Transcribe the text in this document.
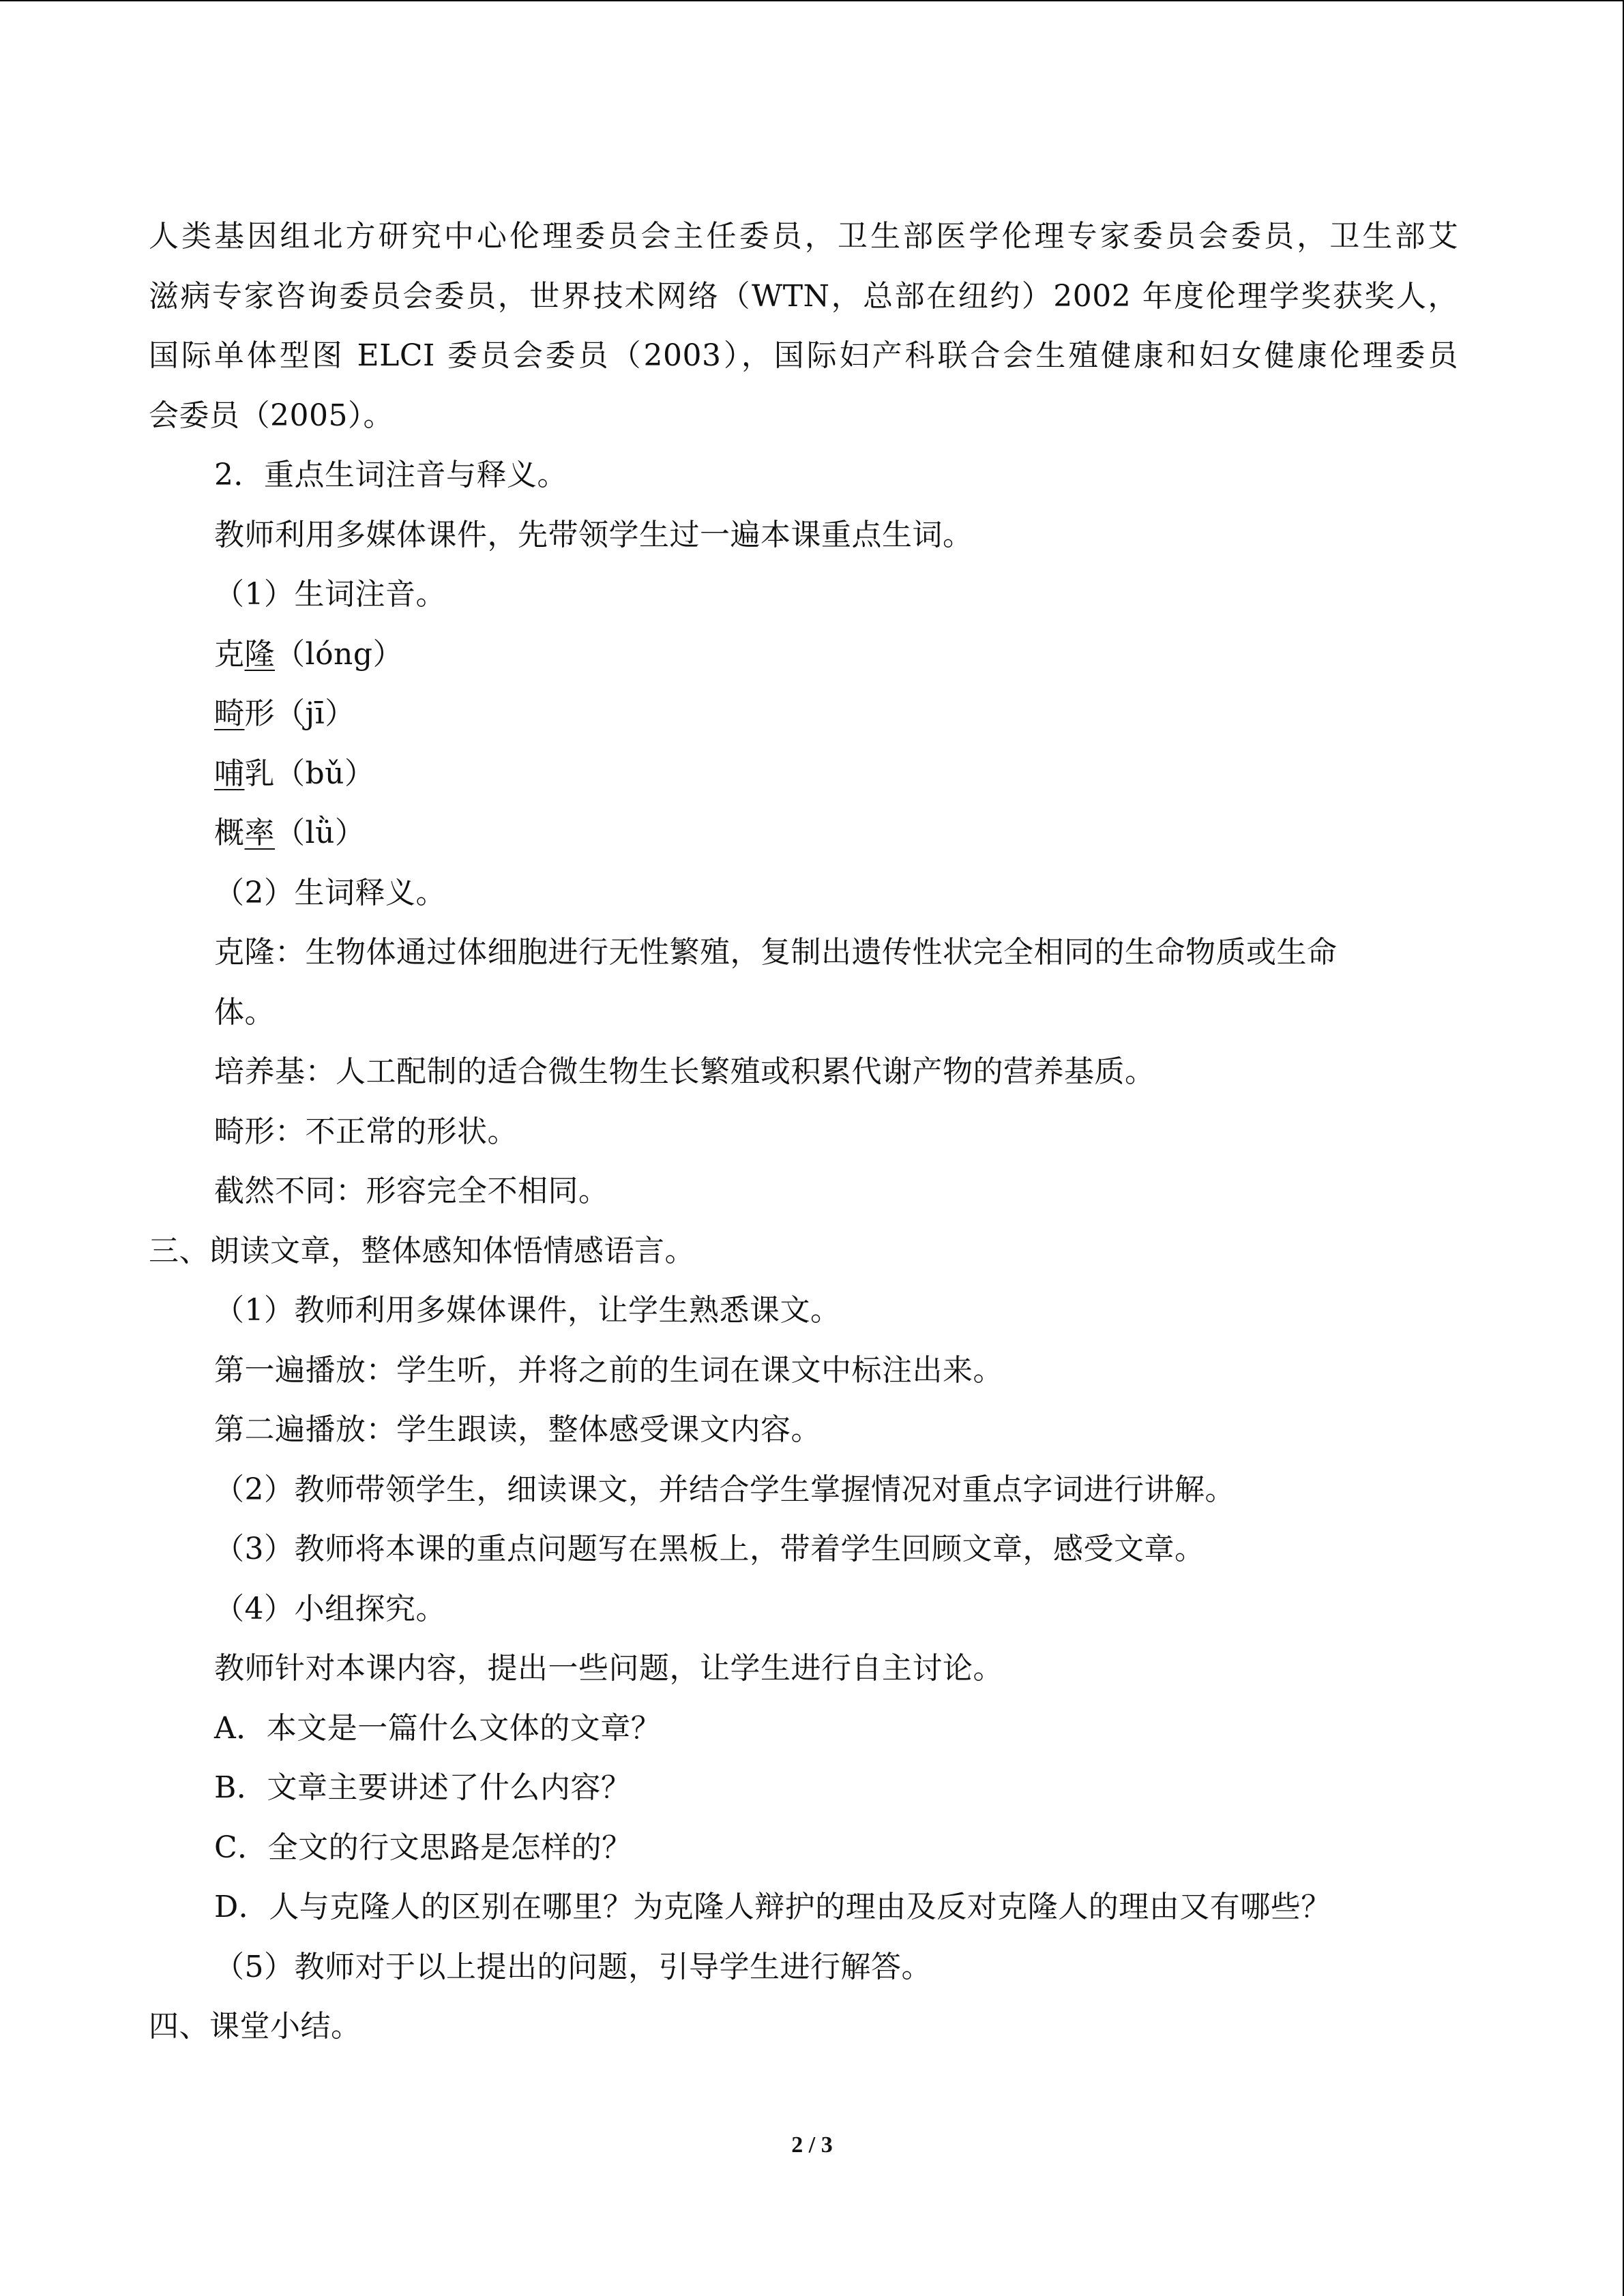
人类基因组北方研究中心伦理委员会主任委员，卫生部医学伦理专家委员会委员，卫生部艾
滋病专家咨询委员会委员，世界技术网络（WTN，总部在纽约）2002 年度伦理学奖获奖人，
国际单体型图 ELCI 委员会委员（2003），国际妇产科联合会生殖健康和妇女健康伦理委员
会委员（2005）。
2．重点生词注音与释义。
教师利用多媒体课件，先带领学生过一遍本课重点生词。
（1）生词注音。
克隆（lóng）
畸形（jī）
哺乳（bǔ）
概率（lǜ）
（2）生词释义。
克隆：生物体通过体细胞进行无性繁殖，复制出遗传性状完全相同的生命物质或生命
体。
培养基：人工配制的适合微生物生长繁殖或积累代谢产物的营养基质。
畸形：不正常的形状。
截然不同：形容完全不相同。
三、朗读文章，整体感知体悟情感语言。
（1）教师利用多媒体课件，让学生熟悉课文。
第一遍播放：学生听，并将之前的生词在课文中标注出来。
第二遍播放：学生跟读，整体感受课文内容。
（2）教师带领学生，细读课文，并结合学生掌握情况对重点字词进行讲解。
（3）教师将本课的重点问题写在黑板上，带着学生回顾文章，感受文章。
（4）小组探究。
教师针对本课内容，提出一些问题，让学生进行自主讨论。
A．本文是一篇什么文体的文章？
B．文章主要讲述了什么内容？
C．全文的行文思路是怎样的？
D．人与克隆人的区别在哪里？为克隆人辩护的理由及反对克隆人的理由又有哪些？
（5）教师对于以上提出的问题，引导学生进行解答。
四、课堂小结。
2 / 3
